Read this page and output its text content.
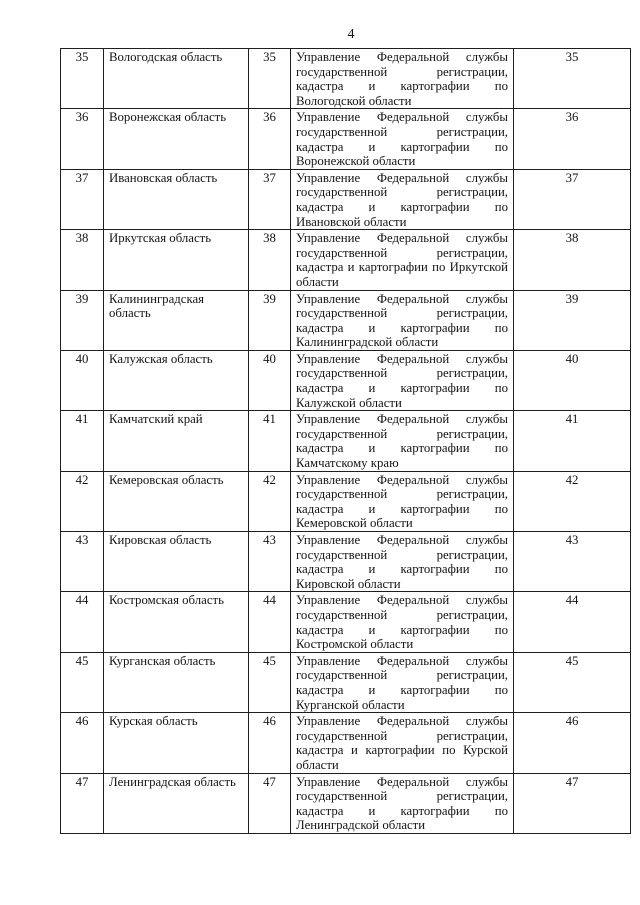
4
35	Вологодская область	35	Управление Федеральной службы
государственной регистрации,
кадастра и картографии по
Вологодской области	35
36	Воронежская область	36	Управление Федеральной службы
государственной регистрации,
кадастра и картографии по
Воронежской области	36
37	Ивановская область	37	Управление Федеральной службы
государственной регистрации,
кадастра и картографии по
Ивановской области	37
38	Иркутская область	38	Управление Федеральной службы
государственной регистрации,
кадастра и картографии по Иркутской
области	38
39	Калининградская область	39	Управление Федеральной службы
государственной регистрации,
кадастра и картографии по
Калининградской области	39
40	Калужская область	40	Управление Федеральной службы
государственной регистрации,
кадастра и картографии по
Калужской области	40
41	Камчатский край	41	Управление Федеральной службы
государственной регистрации,
кадастра и картографии по
Камчатскому краю	41
42	Кемеровская область	42	Управление Федеральной службы
государственной регистрации,
кадастра и картографии по
Кемеровской области	42
43	Кировская область	43	Управление Федеральной службы
государственной регистрации,
кадастра и картографии по
Кировской области	43
44	Костромская область	44	Управление Федеральной службы
государственной регистрации,
кадастра и картографии по
Костромской области	44
45	Курганская область	45	Управление Федеральной службы
государственной регистрации,
кадастра и картографии по
Курганской области	45
46	Курская область	46	Управление Федеральной службы
государственной регистрации,
кадастра и картографии по Курской
области	46
47	Ленинградская область	47	Управление Федеральной службы
государственной регистрации,
кадастра и картографии по
Ленинградской области	47
